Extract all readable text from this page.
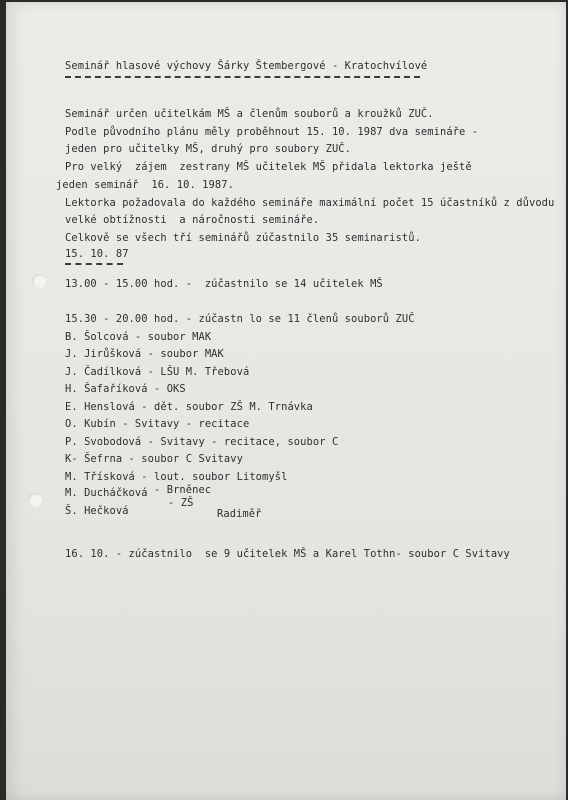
Seminář hlasové výchovy Šárky Štembergové - Kratochvílové
Seminář určen učitelkám MŠ a členům souborů a kroužků ZUČ.
Podle původního plánu měly proběhnout 15. 10. 1987 dva semináře -
jeden pro učitelky MŠ, druhý pro soubory ZUČ.
Pro velký  zájem  zestrany MŠ učitelek MŠ přidala lektorka ještě
jeden seminář  16. 10. 1987.
Lektorka požadovala do každého semináře maximální počet 15 účastníků z důvodu
velké obtížnosti  a náročnosti semináře.
Celkově se všech tří seminářů zúčastnilo 35 seminaristů.
15. 10. 87
13.00 - 15.00 hod. -  zúčastnilo se 14 učitelek MŠ
15.30 - 20.00 hod. - zúčastn lo se 11 členů souborů ZUČ
B. Šolcová - soubor MAK
J. Jirůšková - soubor MAK
J. Čadílková - LŠU M. Třebová
H. Šafaříková - OKS
E. Henslová - dět. soubor ZŠ M. Trnávka
O. Kubín - Svitavy - recitace
P. Svobodová - Svitavy - recitace, soubor C
K- Šefrna - soubor C Svitavy
M. Třísková - lout. soubor Litomyšl
M. Ducháčková - Brněnec
Š. Hečková
- ZŠ
Radiměř
16. 10. - zúčastnilo  se 9 učitelek MŠ a Karel Tothn- soubor C Svitavy
